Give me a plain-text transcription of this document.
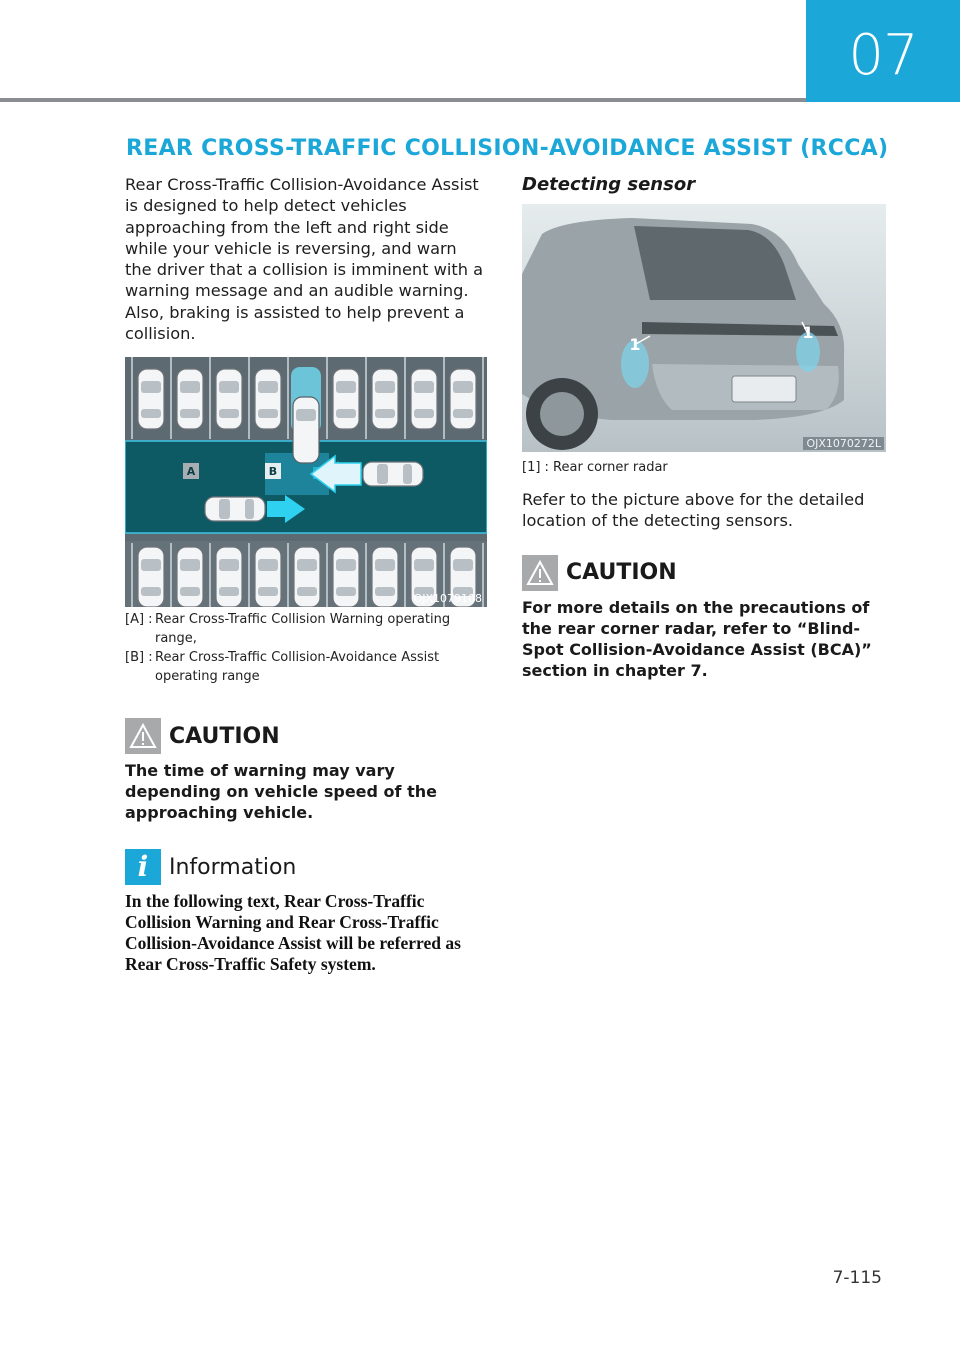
07
REAR CROSS-TRAFFIC COLLISION-AVOIDANCE ASSIST (RCCA)

Rear Cross-Traffic Collision-Avoidance Assist is designed to help detect vehicles approaching from the left and right side while your vehicle is reversing, and warn the driver that a collision is imminent with a warning message and an audible warning. Also, braking is assisted to help prevent a collision.

A	B
OJX1079108
[A] : Rear Cross-Traffic Collision Warning operating range,
[B] : Rear Cross-Traffic Collision-Avoidance Assist operating range
CAUTION

The time of warning may vary depending on vehicle speed of the approaching vehicle.

i Information

In the following text, Rear Cross-Traffic Collision Warning and Rear Cross-Traffic Collision-Avoidance Assist will be referred as Rear Cross-Traffic Safety system.

Detecting sensor
1
1
OJX1070272L

[1] : Rear corner radar

Refer to the picture above for the detailed location of the detecting sensors.

CAUTION

For more details on the precautions of the rear corner radar, refer to “Blind-Spot Collision-Avoidance Assist (BCA)” section in chapter 7.

7-115
